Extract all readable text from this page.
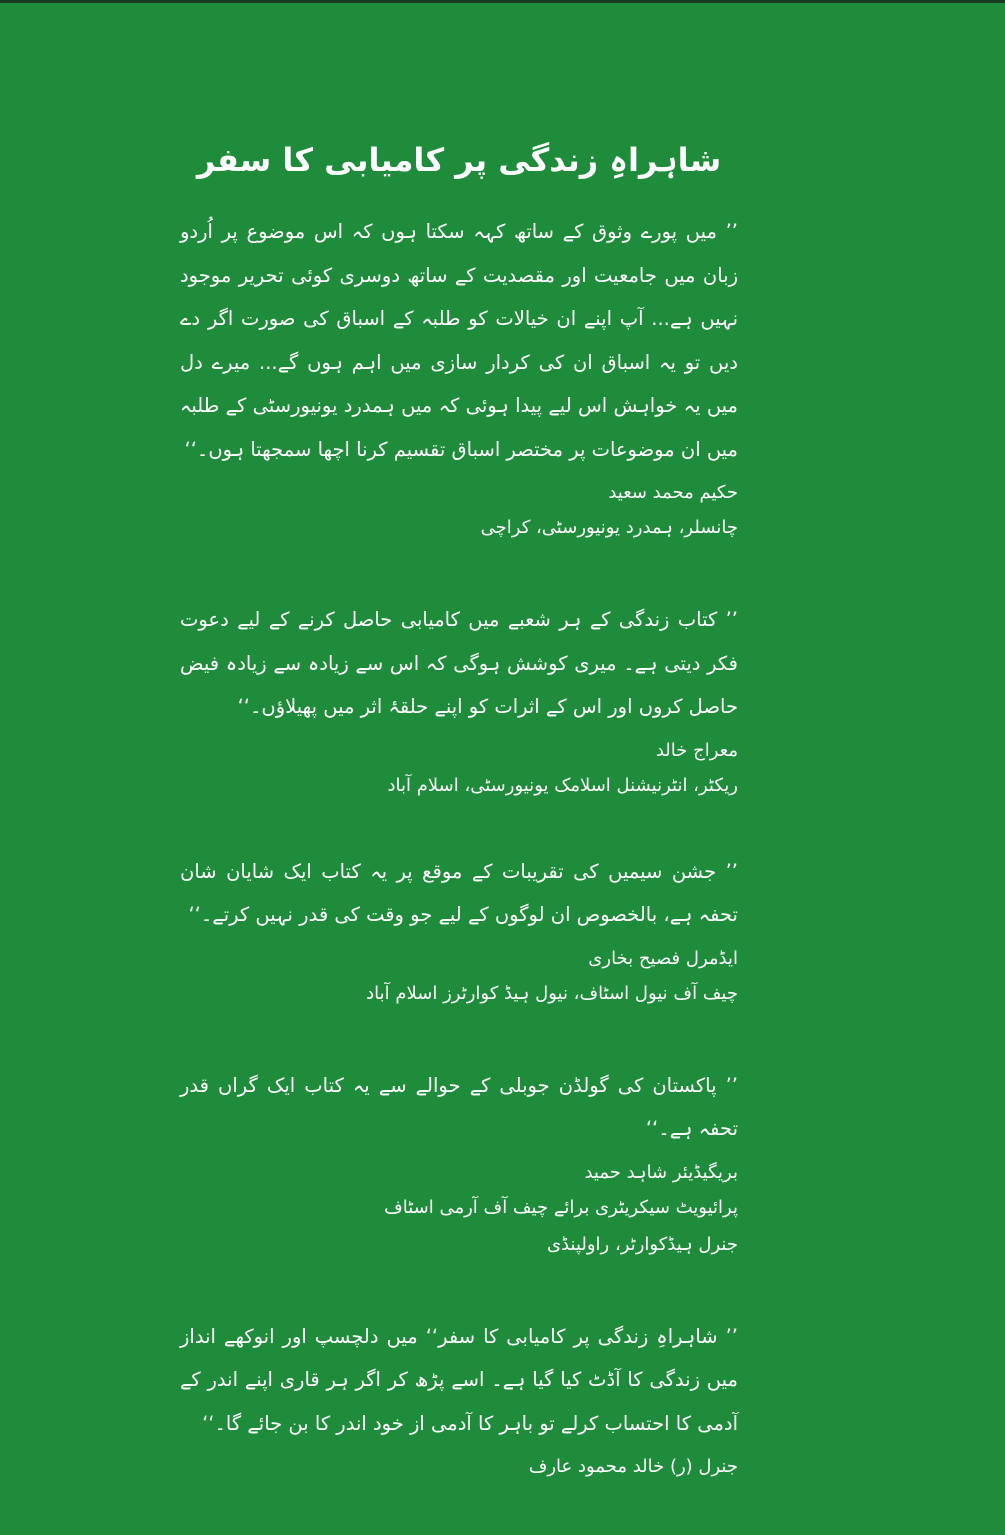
شاہراہِ زندگی پر کامیابی کا سفر

’’ میں پورے وثوق کے ساتھ کہہ سکتا ہوں کہ اس موضوع پر اُردو زبان میں جامعیت اور مقصدیت کے ساتھ دوسری کوئی تحریر موجود نہیں ہے... آپ اپنے ان خیالات کو طلبہ کے اسباق کی صورت اگر دے دیں تو یہ اسباق ان کی کردار سازی میں اہم ہوں گے... میرے دل میں یہ خواہش اس لیے پیدا ہوئی کہ میں ہمدرد یونیورسٹی کے طلبہ میں ان موضوعات پر مختصر اسباق تقسیم کرنا اچھا سمجھتا ہوں۔‘‘

حکیم محمد سعید
چانسلر، ہمدرد یونیورسٹی، کراچی

’’ کتاب زندگی کے ہر شعبے میں کامیابی حاصل کرنے کے لیے دعوت فکر دیتی ہے۔ میری کوشش ہوگی کہ اس سے زیادہ سے زیادہ فیض حاصل کروں اور اس کے اثرات کو اپنے حلقۂ اثر میں پھیلاؤں۔‘‘

معراج خالد
ریکٹر، انٹرنیشنل اسلامک یونیورسٹی، اسلام آباد

’’ جشن سیمیں کی تقریبات کے موقع پر یہ کتاب ایک شایان شان تحفہ ہے، بالخصوص ان لوگوں کے لیے جو وقت کی قدر نہیں کرتے۔‘‘

ایڈمرل فصیح بخاری
چیف آف نیول اسٹاف، نیول ہیڈ کوارٹرز اسلام آباد

’’ پاکستان کی گولڈن جوبلی کے حوالے سے یہ کتاب ایک گراں قدر تحفہ ہے۔‘‘

بریگیڈیئر شاہد حمید
پرائیویٹ سیکریٹری برائے چیف آف آرمی اسٹاف
جنرل ہیڈکوارٹر، راولپنڈی

’’ شاہراہِ زندگی پر کامیابی کا سفر‘‘ میں دلچسپ اور انوکھے انداز میں زندگی کا آڈٹ کیا گیا ہے۔ اسے پڑھ کر اگر ہر قاری اپنے اندر کے آدمی کا احتساب کرلے تو باہر کا آدمی از خود اندر کا بن جائے گا۔‘‘

جنرل (ر) خالد محمود عارف
